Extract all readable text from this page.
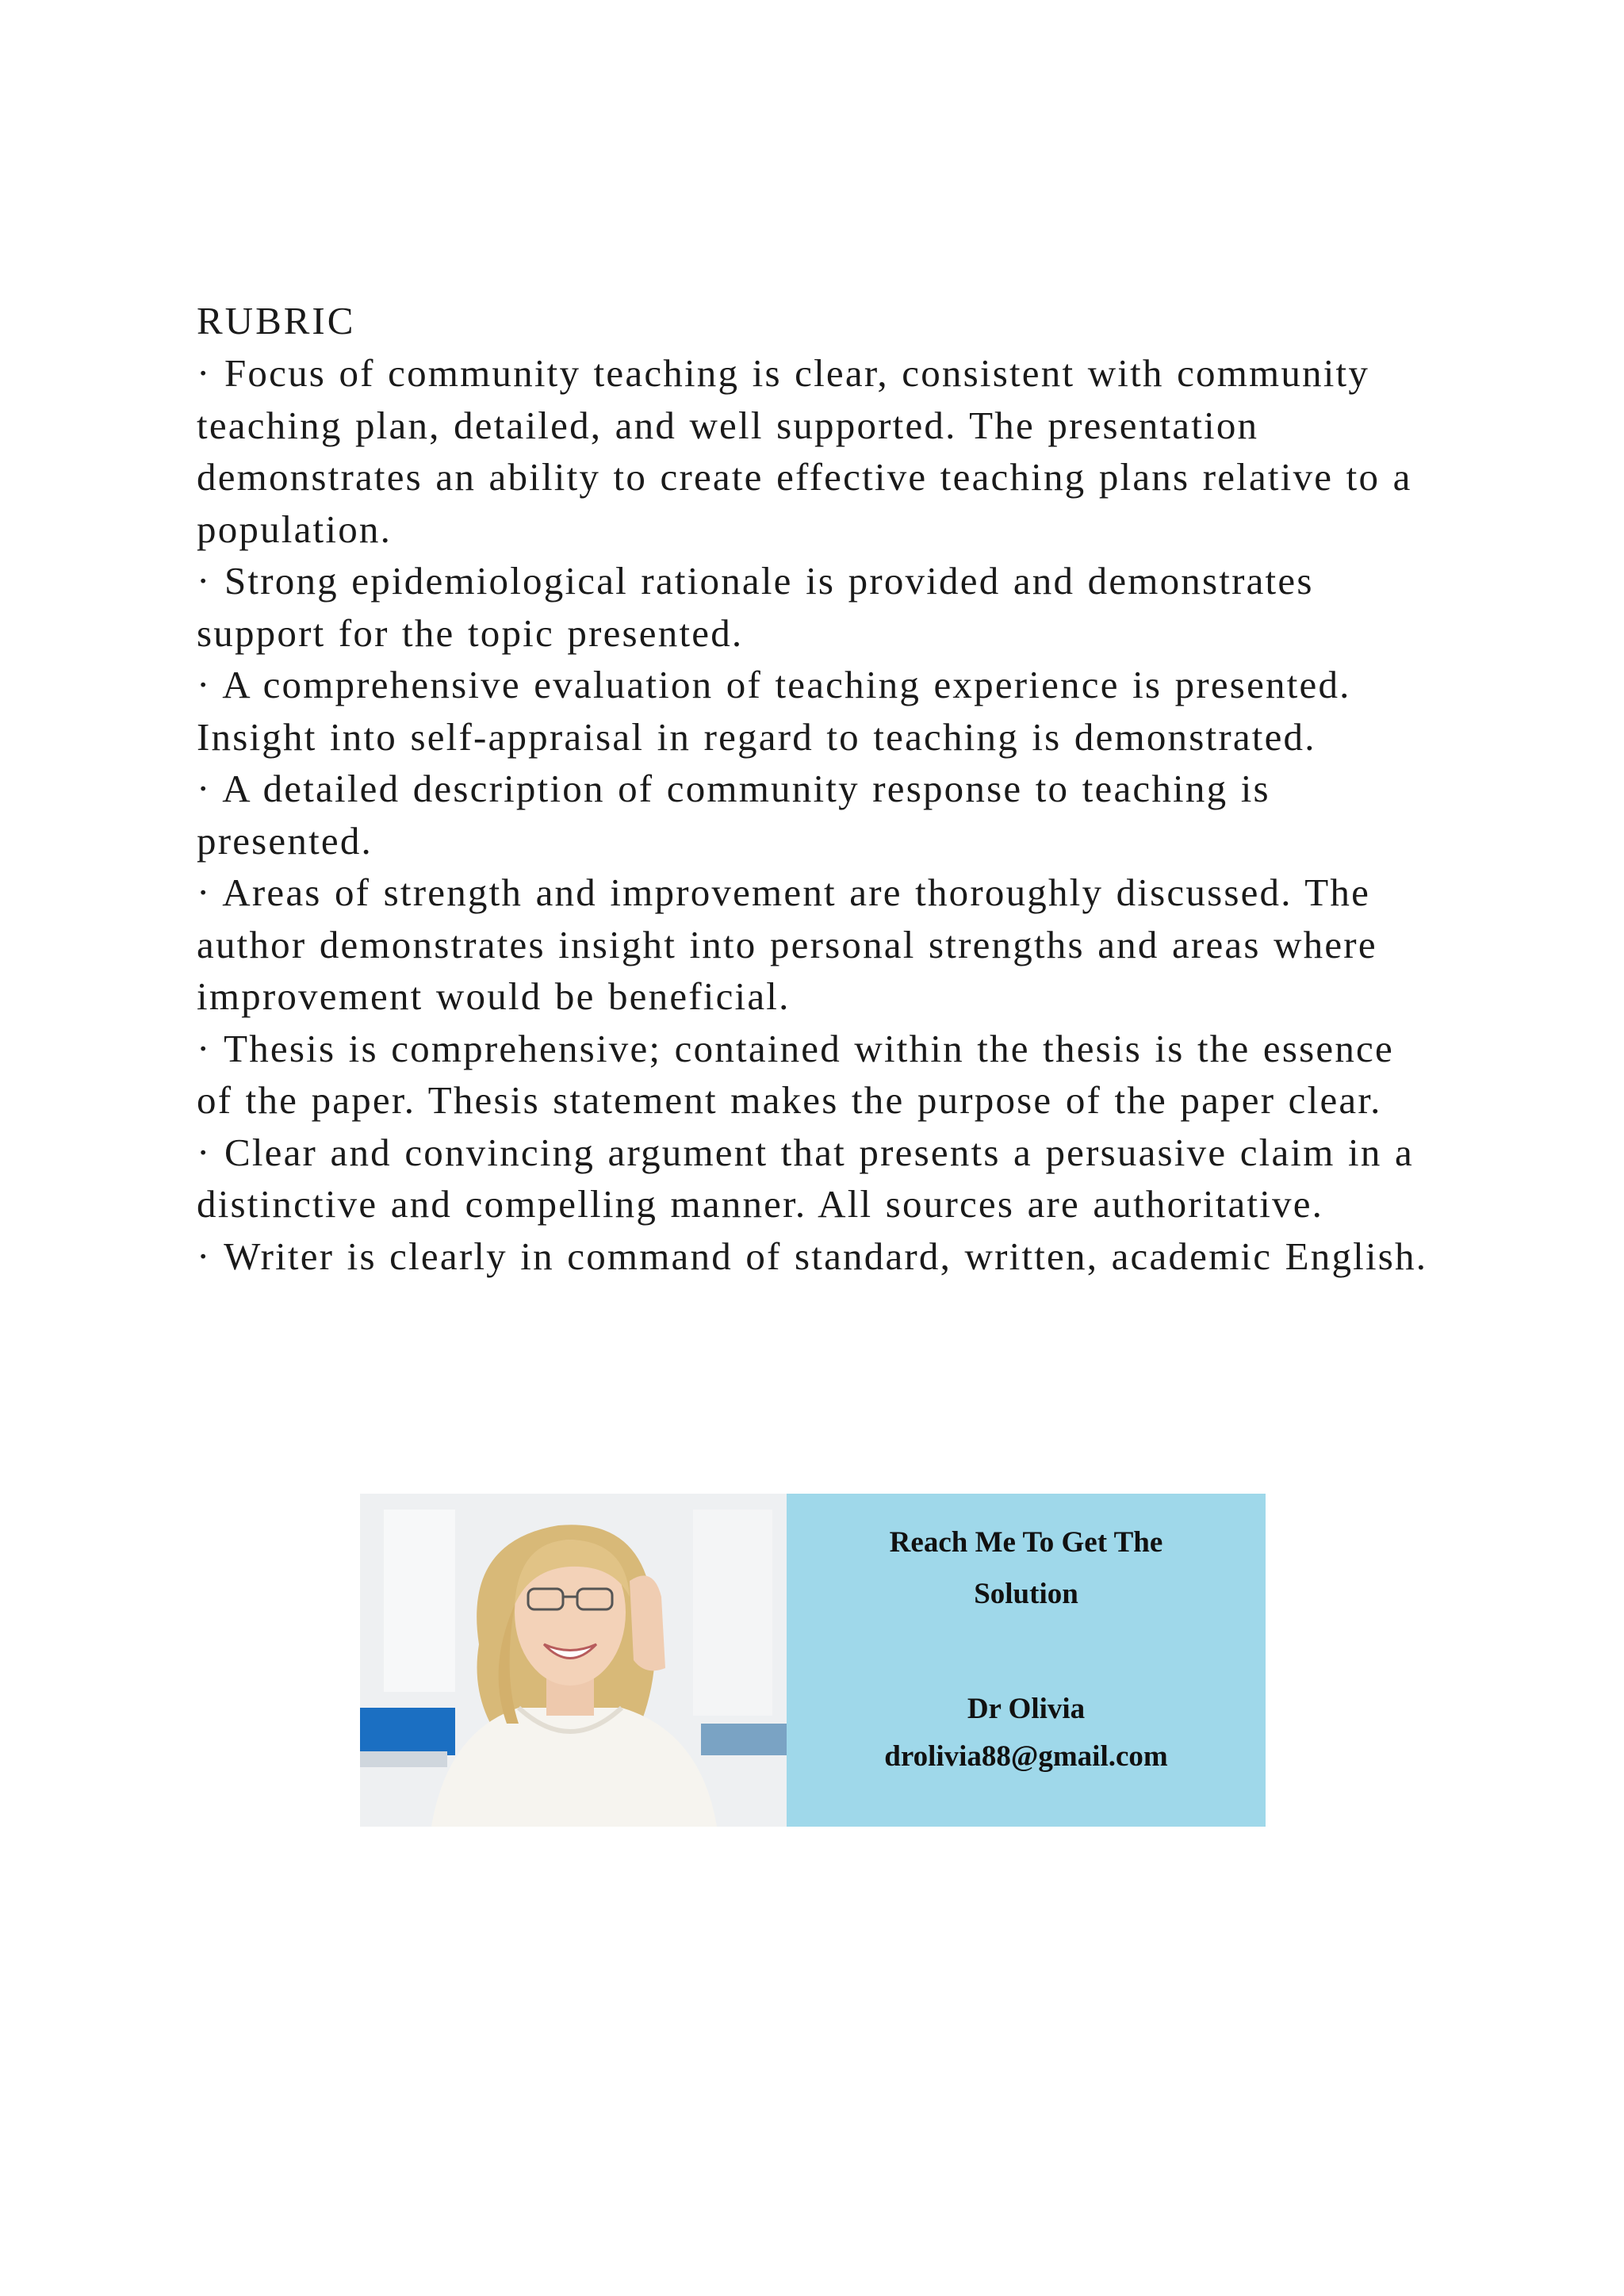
RUBRIC
· Focus of community teaching is clear, consistent with community teaching plan, detailed, and well supported. The presentation demonstrates an ability to create effective teaching plans relative to a population.
· Strong epidemiological rationale is provided and demonstrates support for the topic presented.
· A comprehensive evaluation of teaching experience is presented. Insight into self-appraisal in regard to teaching is demonstrated.
· A detailed description of community response to teaching is presented.
· Areas of strength and improvement are thoroughly discussed. The author demonstrates insight into personal strengths and areas where improvement would be beneficial.
· Thesis is comprehensive; contained within the thesis is the essence of the paper. Thesis statement makes the purpose of the paper clear.
· Clear and convincing argument that presents a persuasive claim in a distinctive and compelling manner. All sources are authoritative.
· Writer is clearly in command of standard, written, academic English.
Reach Me To Get The
Solution
Dr Olivia
drolivia88@gmail.com
